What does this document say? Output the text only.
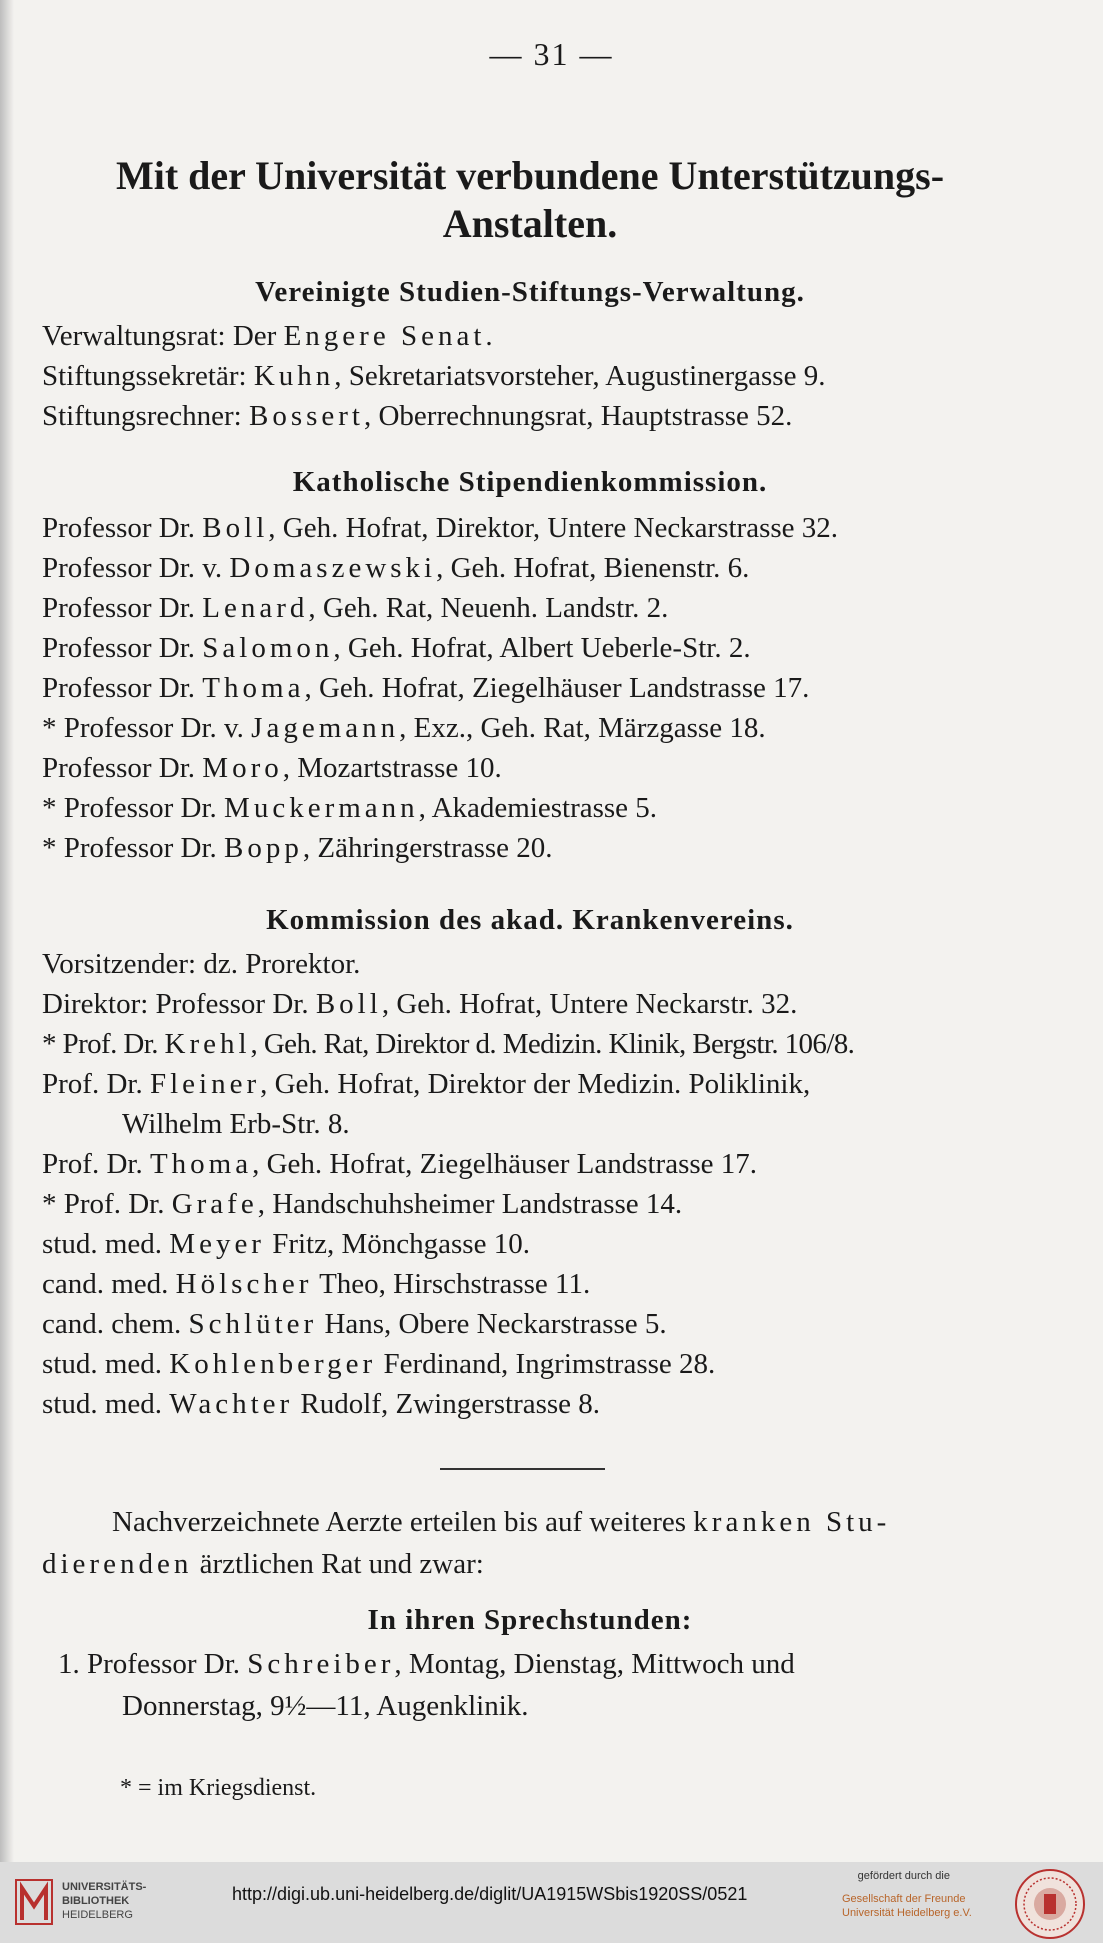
— 31 —
Mit der Universität verbundene Unterstützungs-
Anstalten.
Vereinigte Studien-Stiftungs-Verwaltung.
Verwaltungsrat: Der Engere Senat.
Stiftungssekretär: Kuhn, Sekretariatsvorsteher, Augustinergasse 9.
Stiftungsrechner: Bossert, Oberrechnungsrat, Hauptstrasse 52.
Katholische Stipendienkommission.
Professor Dr. Boll, Geh. Hofrat, Direktor, Untere Neckarstrasse 32.
Professor Dr. v. Domaszewski, Geh. Hofrat, Bienenstr. 6.
Professor Dr. Lenard, Geh. Rat, Neuenh. Landstr. 2.
Professor Dr. Salomon, Geh. Hofrat, Albert Ueberle-Str. 2.
Professor Dr. Thoma, Geh. Hofrat, Ziegelhäuser Landstrasse 17.
* Professor Dr. v. Jagemann, Exz., Geh. Rat, Märzgasse 18.
Professor Dr. Moro, Mozartstrasse 10.
* Professor Dr. Muckermann, Akademiestrasse 5.
* Professor Dr. Bopp, Zähringerstrasse 20.
Kommission des akad. Krankenvereins.
Vorsitzender: dz. Prorektor.
Direktor: Professor Dr. Boll, Geh. Hofrat, Untere Neckarstr. 32.
* Prof. Dr. Krehl, Geh. Rat, Direktor d. Medizin. Klinik, Bergstr. 106/8.
Prof. Dr. Fleiner, Geh. Hofrat, Direktor der Medizin. Poliklinik,
Wilhelm Erb-Str. 8.
Prof. Dr. Thoma, Geh. Hofrat, Ziegelhäuser Landstrasse 17.
* Prof. Dr. Grafe, Handschuhsheimer Landstrasse 14.
stud. med. Meyer Fritz, Mönchgasse 10.
cand. med. Hölscher Theo, Hirschstrasse 11.
cand. chem. Schlüter Hans, Obere Neckarstrasse 5.
stud. med. Kohlenberger Ferdinand, Ingrimstrasse 28.
stud. med. Wachter Rudolf, Zwingerstrasse 8.
Nachverzeichnete Aerzte erteilen bis auf weiteres kranken Stu-
dierenden ärztlichen Rat und zwar:
In ihren Sprechstunden:
1. Professor Dr. Schreiber, Montag, Dienstag, Mittwoch und
Donnerstag, 9½—11, Augenklinik.
* = im Kriegsdienst.
UNIVERSITÄTS-
BIBLIOTHEK
HEIDELBERG
http://digi.ub.uni-heidelberg.de/diglit/UA1915WSbis1920SS/0521
gefördert durch die
Gesellschaft der Freunde
Universität Heidelberg e.V.
